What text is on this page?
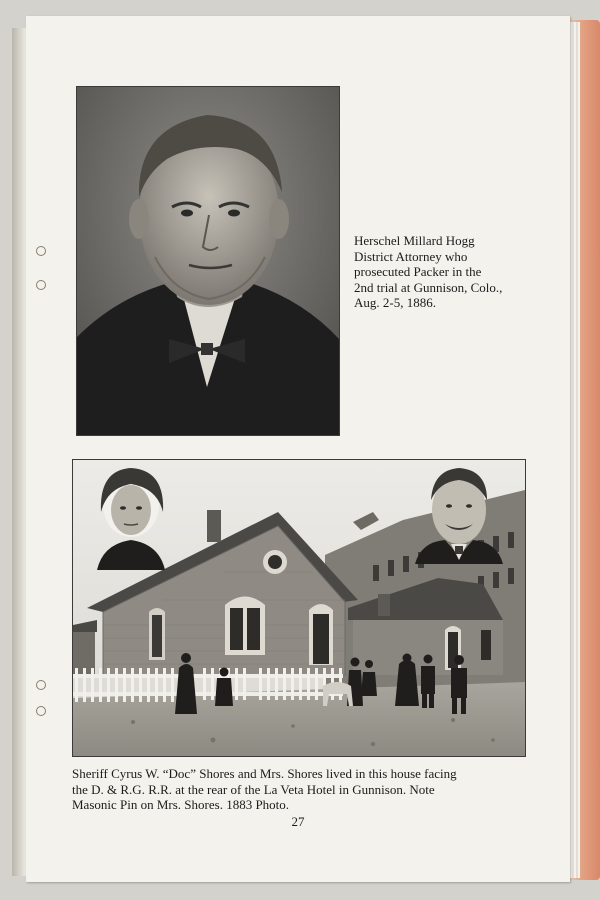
Herschel Millard Hogg

District Attorney who

prosecuted Packer in the

2nd trial at Gunnison, Colo.,

Aug. 2-5, 1886.

Sheriff Cyrus W. “Doc” Shores and Mrs. Shores lived in this house facing

the D. & R.G. R.R. at the rear of the La Veta Hotel in Gunnison. Note

Masonic Pin on Mrs. Shores. 1883 Photo.

27
